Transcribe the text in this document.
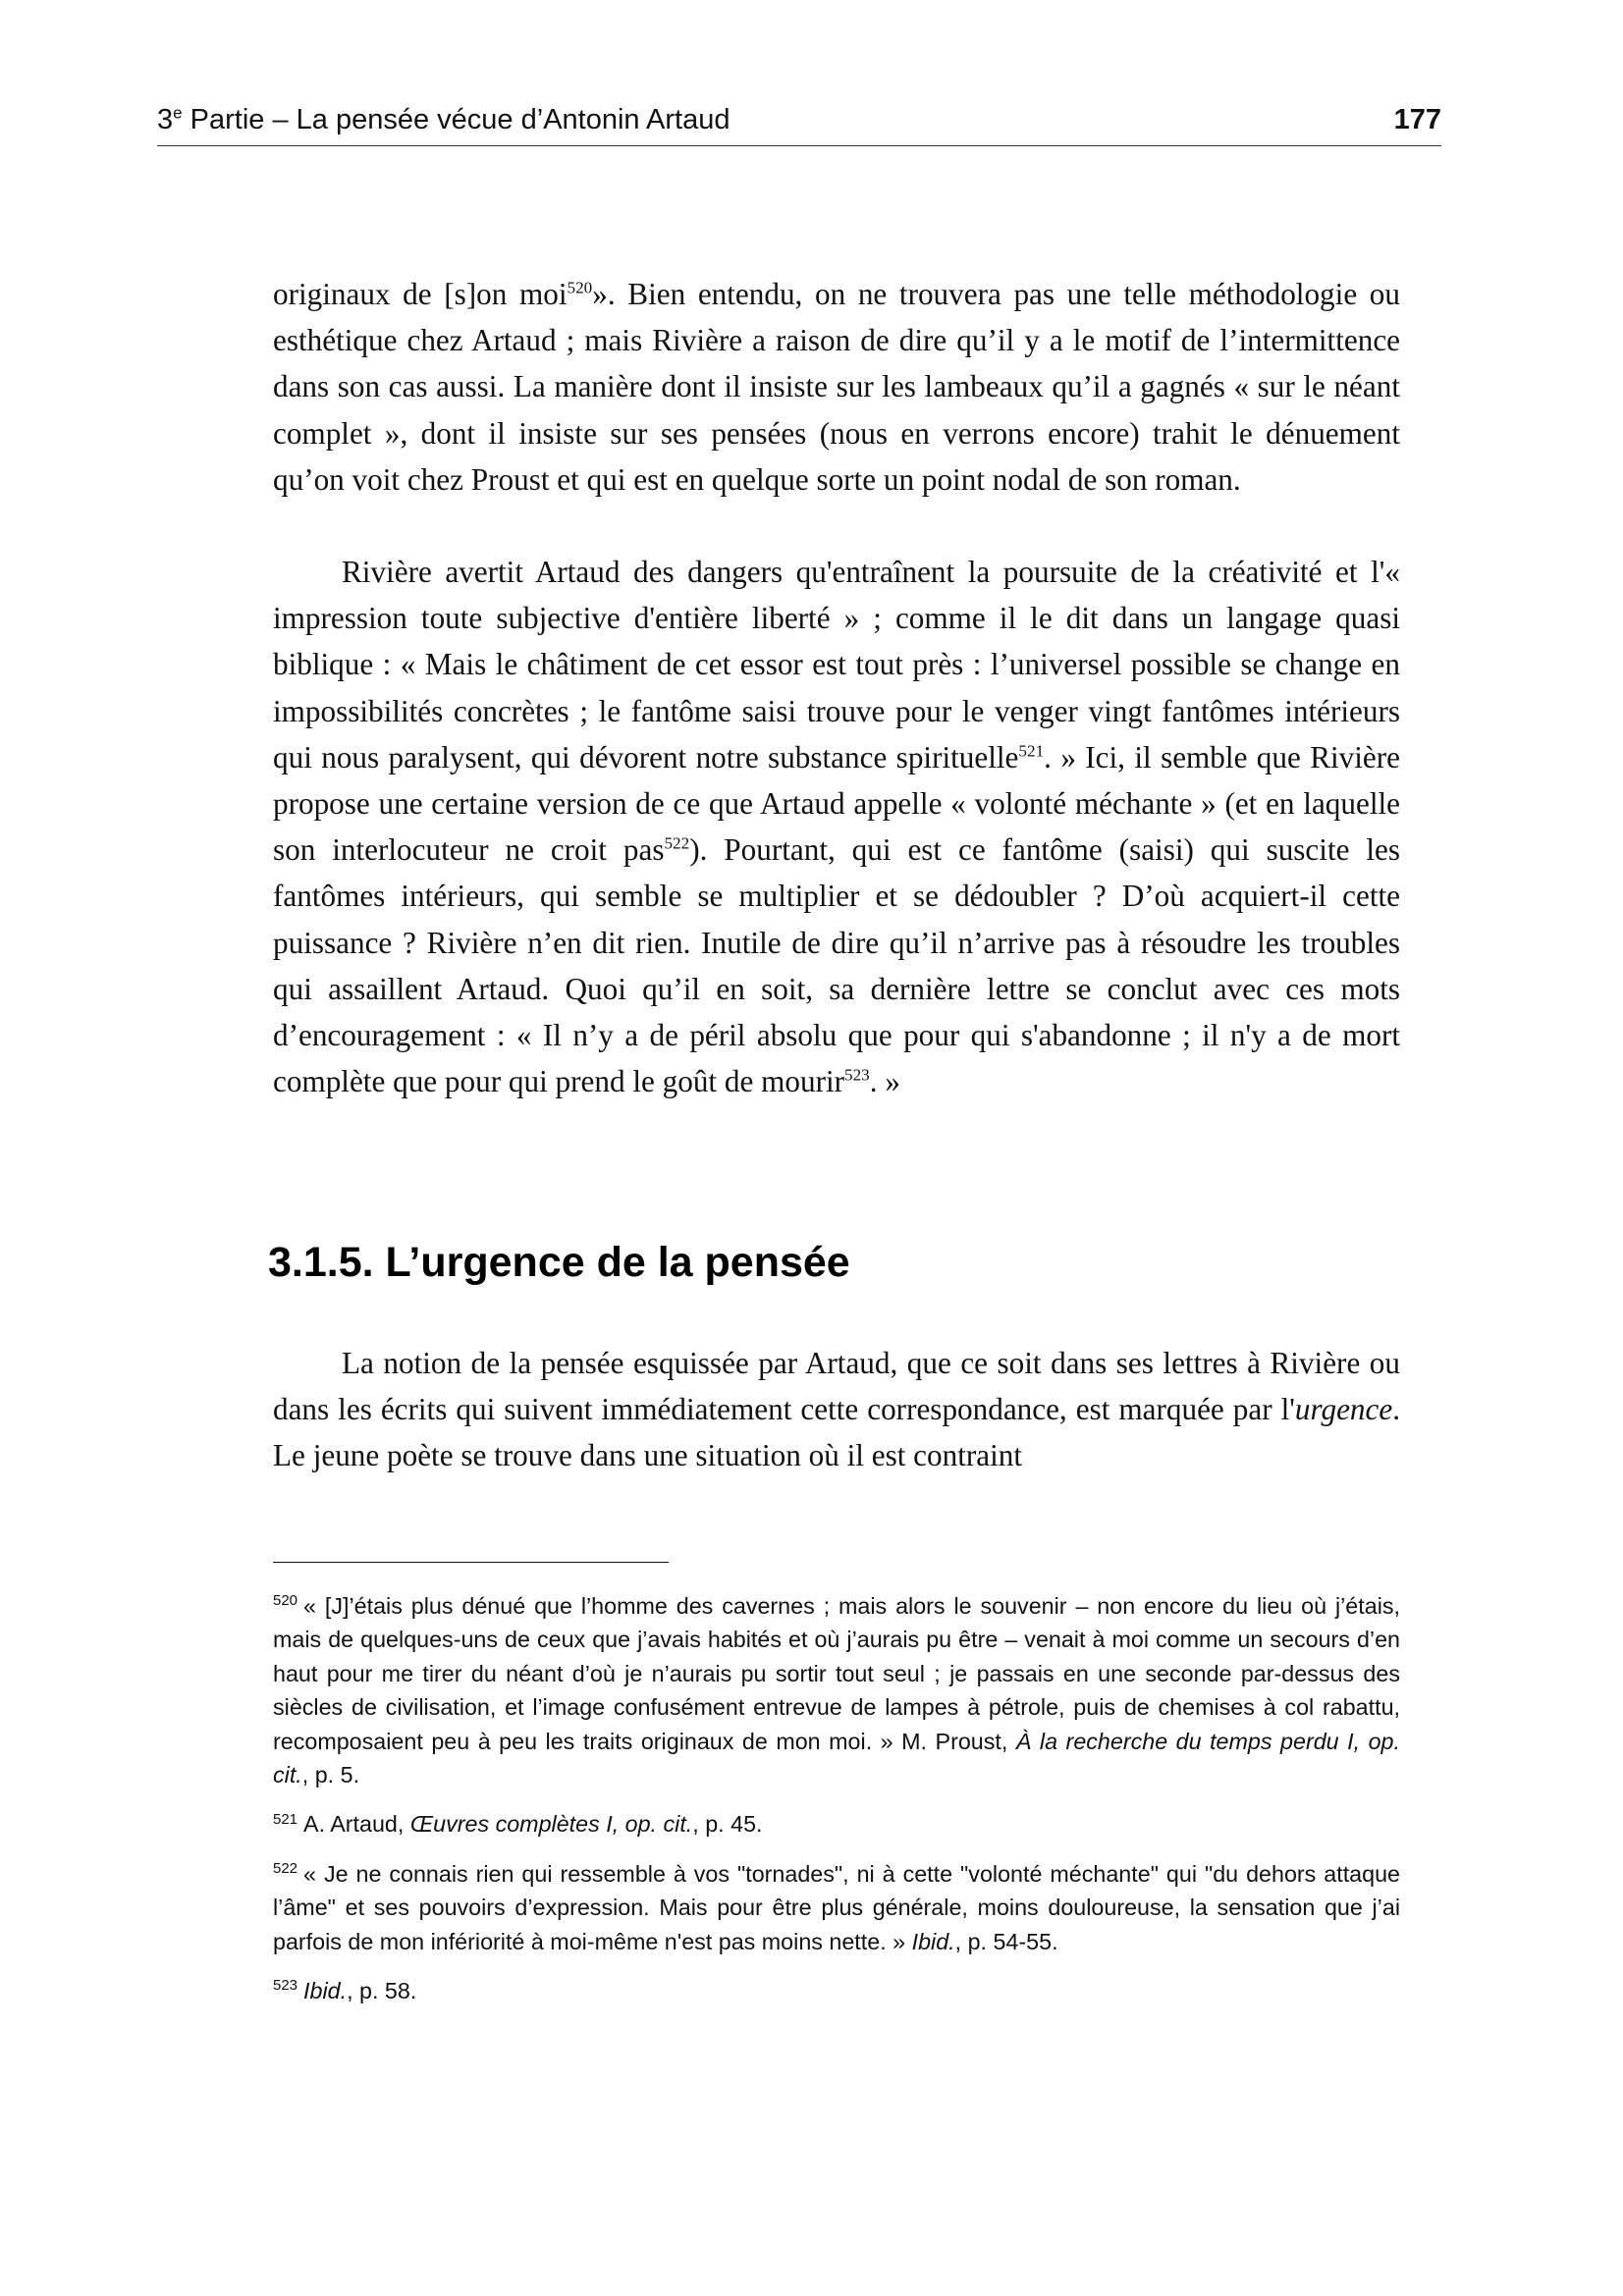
3e Partie – La pensée vécue d’Antonin Artaud	177

originaux de [s]on moi$^{520}$». Bien entendu, on ne trouvera pas une telle méthodologie ou esthétique chez Artaud ; mais Rivière a raison de dire qu’il y a le motif de l’intermittence dans son cas aussi. La manière dont il insiste sur les lambeaux qu’il a gagnés « sur le néant complet », dont il insiste sur ses pensées (nous en verrons encore) trahit le dénuement qu’on voit chez Proust et qui est en quelque sorte un point nodal de son roman.

Rivière avertit Artaud des dangers qu'entraînent la poursuite de la créativité et l'« impression toute subjective d'entière liberté » ; comme il le dit dans un langage quasi biblique : « Mais le châtiment de cet essor est tout près : l’universel possible se change en impossibilités concrètes ; le fantôme saisi trouve pour le venger vingt fantômes intérieurs qui nous paralysent, qui dévorent notre substance spirituelle$^{521}$. » Ici, il semble que Rivière propose une certaine version de ce que Artaud appelle « volonté méchante » (et en laquelle son interlocuteur ne croit pas$^{522}$). Pourtant, qui est ce fantôme (saisi) qui suscite les fantômes intérieurs, qui semble se multiplier et se dédoubler ? D’où acquiert-il cette puissance ? Rivière n’en dit rien. Inutile de dire qu’il n’arrive pas à résoudre les troubles qui assaillent Artaud. Quoi qu’il en soit, sa dernière lettre se conclut avec ces mots d’encouragement : « Il n’y a de péril absolu que pour qui s'abandonne ; il n'y a de mort complète que pour qui prend le goût de mourir$^{523}$. »

3.1.5. L’urgence de la pensée

La notion de la pensée esquissée par Artaud, que ce soit dans ses lettres à Rivière ou dans les écrits qui suivent immédiatement cette correspondance, est marquée par l'urgence. Le jeune poète se trouve dans une situation où il est contraint

$^{520}$ « [J]’étais plus dénué que l’homme des cavernes ; mais alors le souvenir – non encore du lieu où j’étais, mais de quelques-uns de ceux que j’avais habités et où j’aurais pu être – venait à moi comme un secours d’en haut pour me tirer du néant d’où je n’aurais pu sortir tout seul ; je passais en une seconde par-dessus des siècles de civilisation, et l’image confusément entrevue de lampes à pétrole, puis de chemises à col rabattu, recomposaient peu à peu les traits originaux de mon moi. » M. Proust, À la recherche du temps perdu I, op. cit., p. 5.

$^{521}$ A. Artaud, Œuvres complètes I, op. cit., p. 45.

$^{522}$ « Je ne connais rien qui ressemble à vos "tornades", ni à cette "volonté méchante" qui "du dehors attaque l’âme" et ses pouvoirs d’expression. Mais pour être plus générale, moins douloureuse, la sensation que j’ai parfois de mon infériorité à moi-même n'est pas moins nette. » Ibid., p. 54-55.

$^{523}$ Ibid., p. 58.
